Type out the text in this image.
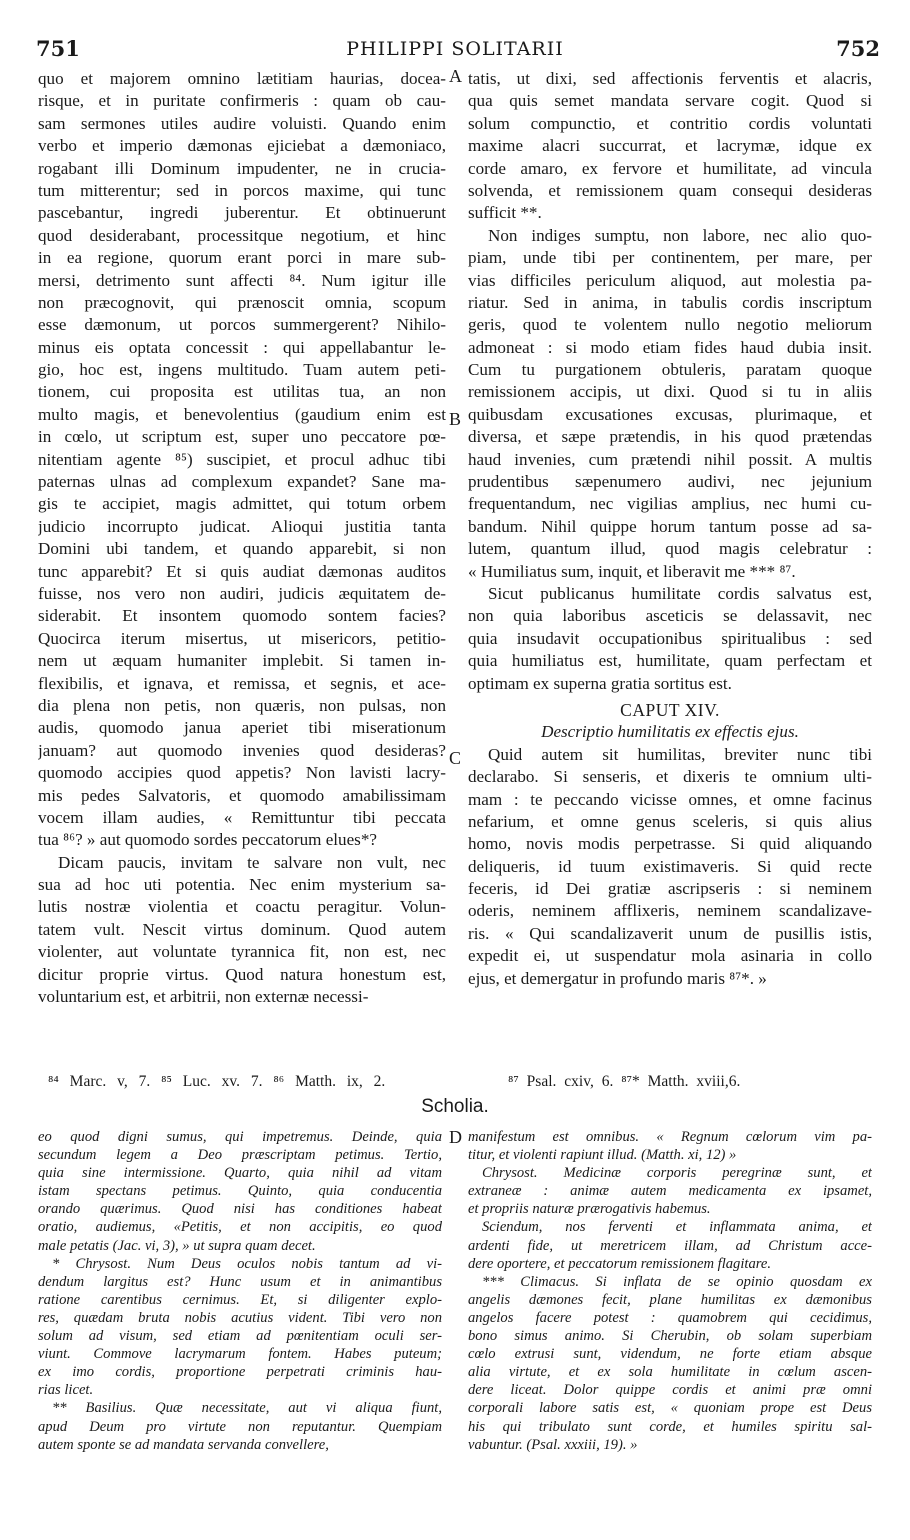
751	PHILIPPI SOLITARII	752
A
B
C
D
quo et majorem omnino lætitiam haurias, docea-
risque, et in puritate confirmeris : quam ob cau-
sam sermones utiles audire voluisti. Quando enim
verbo et imperio dæmonas ejiciebat a dæmoniaco,
rogabant illi Dominum impudenter, ne in crucia-
tum mitterentur; sed in porcos maxime, qui tunc
pascebantur, ingredi juberentur. Et obtinuerunt
quod desiderabant, processitque negotium, et hinc
in ea regione, quorum erant porci in mare sub-
mersi, detrimento sunt affecti ⁸⁴. Num igitur ille
non præcognovit, qui prænoscit omnia, scopum
esse dæmonum, ut porcos summergerent? Nihilo-
minus eis optata concessit : qui appellabantur le-
gio, hoc est, ingens multitudo. Tuam autem peti-
tionem, cui proposita est utilitas tua, an non
multo magis, et benevolentius (gaudium enim est
in cœlo, ut scriptum est, super uno peccatore pœ-
nitentiam agente ⁸⁵) suscipiet, et procul adhuc tibi
paternas ulnas ad complexum expandet? Sane ma-
gis te accipiet, magis admittet, qui totum orbem
judicio incorrupto judicat. Alioqui justitia tanta
Domini ubi tandem, et quando apparebit, si non
tunc apparebit? Et si quis audiat dæmonas auditos
fuisse, nos vero non audiri, judicis æquitatem de-
siderabit. Et insontem quomodo sontem facies?
Quocirca iterum misertus, ut misericors, petitio-
nem ut æquam humaniter implebit. Si tamen in-
flexibilis, et ignava, et remissa, et segnis, et ace-
dia plena non petis, non quæris, non pulsas, non
audis, quomodo janua aperiet tibi miserationum
januam? aut quomodo invenies quod desideras?
quomodo accipies quod appetis? Non lavisti lacry-
mis pedes Salvatoris, et quomodo amabilissimam
vocem illam audies, « Remittuntur tibi peccata
tua ⁸⁶? » aut quomodo sordes peccatorum elues*?
Dicam paucis, invitam te salvare non vult, nec
sua ad hoc uti potentia. Nec enim mysterium sa-
lutis nostræ violentia et coactu peragitur. Volun-
tatem vult. Nescit virtus dominum. Quod autem
violenter, aut voluntate tyrannica fit, non est, nec
dicitur proprie virtus. Quod natura honestum est,
voluntarium est, et arbitrii, non externæ necessi-
tatis, ut dixi, sed affectionis ferventis et alacris,
qua quis semet mandata servare cogit. Quod si
solum compunctio, et contritio cordis voluntati
maxime alacri succurrat, et lacrymæ, idque ex
corde amaro, ex fervore et humilitate, ad vincula
solvenda, et remissionem quam consequi desideras
sufficit **.
Non indiges sumptu, non labore, nec alio quo-
piam, unde tibi per continentem, per mare, per
vias difficiles periculum aliquod, aut molestia pa-
riatur. Sed in anima, in tabulis cordis inscriptum
geris, quod te volentem nullo negotio meliorum
admoneat : si modo etiam fides haud dubia insit.
Cum tu purgationem obtuleris, paratam quoque
remissionem accipis, ut dixi. Quod si tu in aliis
quibusdam excusationes excusas, plurimaque, et
diversa, et sæpe prætendis, in his quod prætendas
haud invenies, cum prætendi nihil possit. A multis
prudentibus sæpenumero audivi, nec jejunium
frequentandum, nec vigilias amplius, nec humi cu-
bandum. Nihil quippe horum tantum posse ad sa-
lutem, quantum illud, quod magis celebratur :
« Humiliatus sum, inquit, et liberavit me *** ⁸⁷.
Sicut publicanus humilitate cordis salvatus est,
non quia laboribus asceticis se delassavit, nec
quia insudavit occupationibus spiritualibus : sed
quia humiliatus est, humilitate, quam perfectam et
optimam ex superna gratia sortitus est.
CAPUT XIV.
Descriptio humilitatis ex effectis ejus.
Quid autem sit humilitas, breviter nunc tibi
declarabo. Si senseris, et dixeris te omnium ulti-
mam : te peccando vicisse omnes, et omne facinus
nefarium, et omne genus sceleris, si quis alius
homo, novis modis perpetrasse. Si quid aliquando
deliqueris, id tuum existimaveris. Si quid recte
feceris, id Dei gratiæ ascripseris : si neminem
oderis, neminem afflixeris, neminem scandalizave-
ris. « Qui scandalizaverit unum de pusillis istis,
expedit ei, ut suspendatur mola asinaria in collo
ejus, et demergatur in profundo maris ⁸⁷*. »
⁸⁴ Marc. v, 7. ⁸⁵ Luc. xv. 7. ⁸⁶ Matth. ix, 2.	⁸⁷ Psal. cxiv, 6. ⁸⁷* Matth. xviii,6.
Scholia.
eo quod digni sumus, qui impetremus. Deinde, quia
secundum legem a Deo præscriptam petimus. Tertio,
quia sine intermissione. Quarto, quia nihil ad vitam
istam spectans petimus. Quinto, quia conducentia
orando quærimus. Quod nisi has conditiones habeat
oratio, audiemus, «Petitis, et non accipitis, eo quod
male petatis (Jac. vi, 3), » ut supra quam decet.
* Chrysost. Num Deus oculos nobis tantum ad vi-
dendum largitus est? Hunc usum et in animantibus
ratione carentibus cernimus. Et, si diligenter explo-
res, quædam bruta nobis acutius vident. Tibi vero non
solum ad visum, sed etiam ad pœnitentiam oculi ser-
viunt. Commove lacrymarum fontem. Habes puteum;
ex imo cordis, proportione perpetrati criminis hau-
rias licet.
** Basilius. Quæ necessitate, aut vi aliqua fiunt,
apud Deum pro virtute non reputantur. Quempiam
autem sponte se ad mandata servanda convellere,
manifestum est omnibus. « Regnum cœlorum vim pa-
titur, et violenti rapiunt illud. (Matth. xi, 12) »
Chrysost. Medicinæ corporis peregrinæ sunt, et
extraneæ : animæ autem medicamenta ex ipsamet,
et propriis naturæ prærogativis habemus.
Sciendum, nos ferventi et inflammata anima, et
ardenti fide, ut meretricem illam, ad Christum acce-
dere oportere, et peccatorum remissionem flagitare.
*** Climacus. Si inflata de se opinio quosdam ex
angelis dæmones fecit, plane humilitas ex dæmonibus
angelos facere potest : quamobrem qui cecidimus,
bono simus animo. Si Cherubin, ob solam superbiam
cœlo extrusi sunt, videndum, ne forte etiam absque
alia virtute, et ex sola humilitate in cœlum ascen-
dere liceat. Dolor quippe cordis et animi præ omni
corporali labore satis est, « quoniam prope est Deus
his qui tribulato sunt corde, et humiles spiritu sal-
vabuntur. (Psal. xxxiii, 19). »
